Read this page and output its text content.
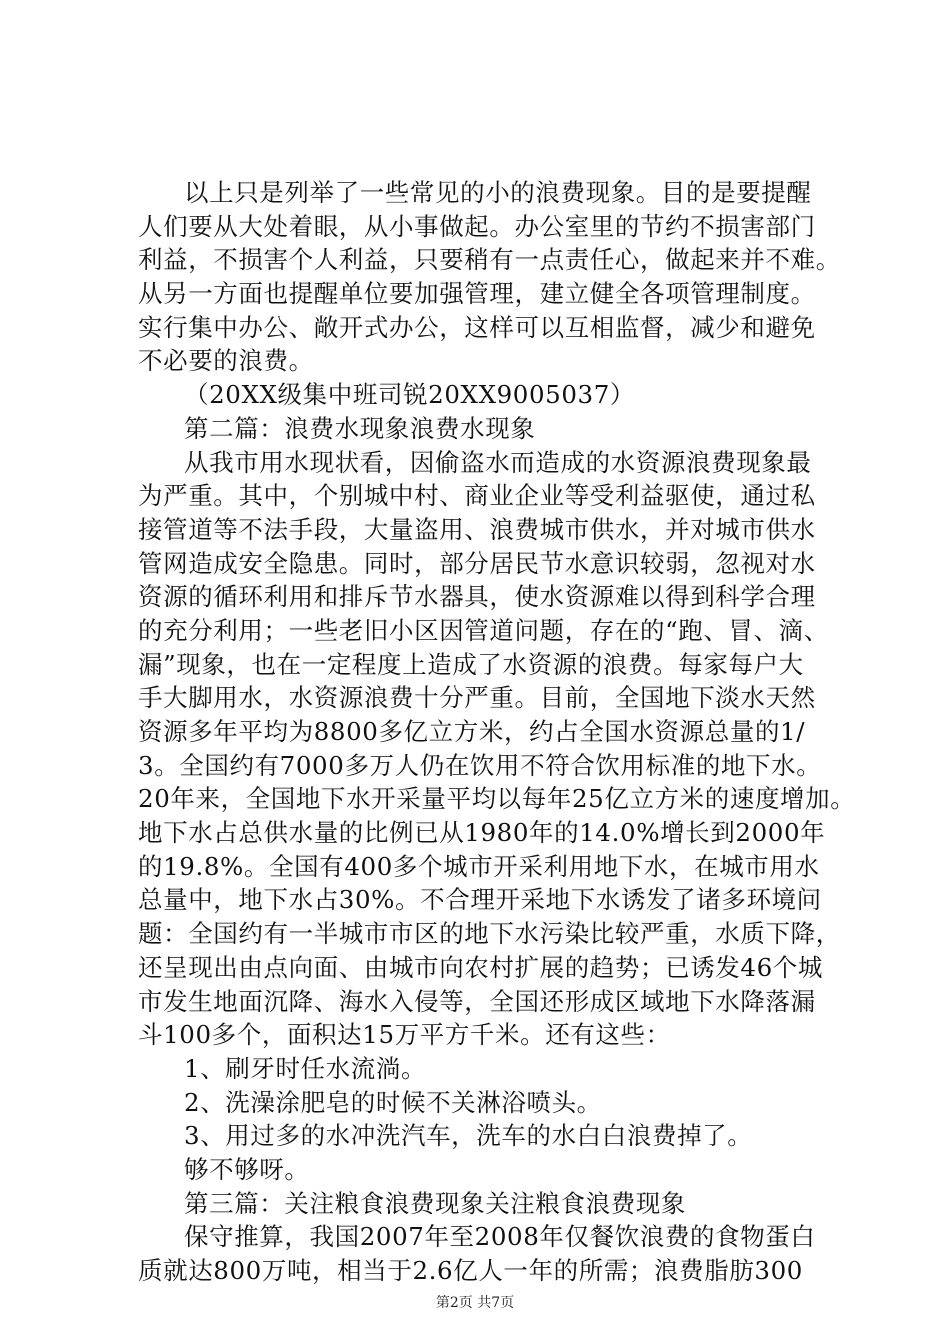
以上只是列举了一些常见的小的浪费现象。目的是要提醒
人们要从大处着眼，从小事做起。办公室里的节约不损害部门
利益，不损害个人利益，只要稍有一点责任心，做起来并不难。
从另一方面也提醒单位要加强管理，建立健全各项管理制度。
实行集中办公、敞开式办公，这样可以互相监督，减少和避免
不必要的浪费。
（20XX级集中班司锐20XX9005037）
第二篇：浪费水现象浪费水现象
从我市用水现状看，因偷盗水而造成的水资源浪费现象最
为严重。其中，个别城中村、商业企业等受利益驱使，通过私
接管道等不法手段，大量盗用、浪费城市供水，并对城市供水
管网造成安全隐患。同时，部分居民节水意识较弱，忽视对水
资源的循环利用和排斥节水器具，使水资源难以得到科学合理
的充分利用；一些老旧小区因管道问题，存在的“跑、冒、滴、
漏”现象，也在一定程度上造成了水资源的浪费。每家每户大
手大脚用水，水资源浪费十分严重。目前，全国地下淡水天然
资源多年平均为8800多亿立方米，约占全国水资源总量的1/
3。全国约有7000多万人仍在饮用不符合饮用标准的地下水。
20年来，全国地下水开采量平均以每年25亿立方米的速度增加。
地下水占总供水量的比例已从1980年的14.0%增长到2000年
的19.8%。全国有400多个城市开采利用地下水，在城市用水
总量中，地下水占30%。不合理开采地下水诱发了诸多环境问
题：全国约有一半城市市区的地下水污染比较严重，水质下降，
还呈现出由点向面、由城市向农村扩展的趋势；已诱发46个城
市发生地面沉降、海水入侵等，全国还形成区域地下水降落漏
斗100多个，面积达15万平方千米。还有这些：
1、刷牙时任水流淌。
2、洗澡涂肥皂的时候不关淋浴喷头。
3、用过多的水冲洗汽车，洗车的水白白浪费掉了。
够不够呀。
第三篇：关注粮食浪费现象关注粮食浪费现象
保守推算，我国2007年至2008年仅餐饮浪费的食物蛋白
质就达800万吨，相当于2.6亿人一年的所需；浪费脂肪300
第2页 共7页
